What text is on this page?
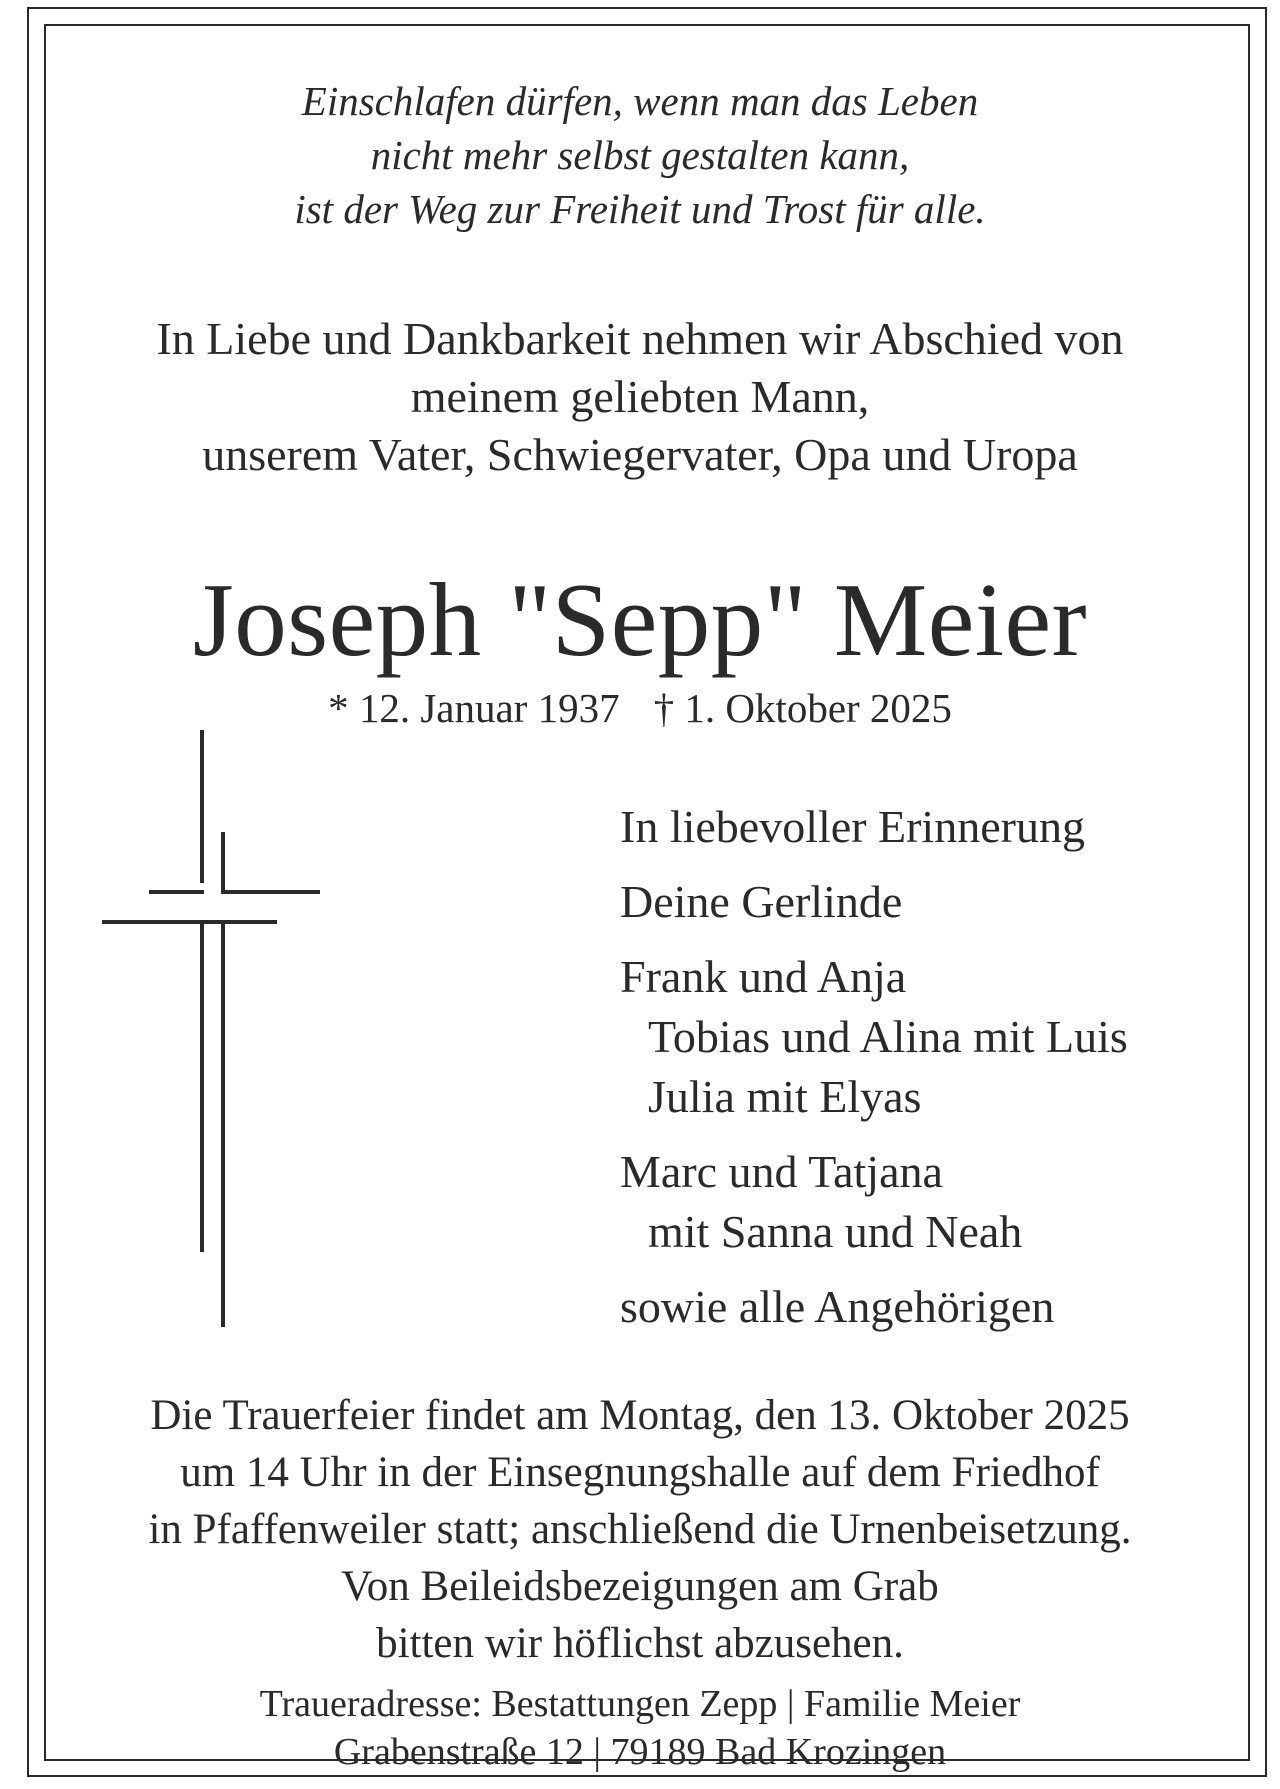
Einschlafen dürfen, wenn man das Leben
nicht mehr selbst gestalten kann,
ist der Weg zur Freiheit und Trost für alle.
In Liebe und Dankbarkeit nehmen wir Abschied von
meinem geliebten Mann,
unserem Vater, Schwiegervater, Opa und Uropa
Joseph "Sepp" Meier
* 12. Januar 1937 † 1. Oktober 2025
In liebevoller Erinnerung
Deine Gerlinde
Frank und Anja
Tobias und Alina mit Luis
Julia mit Elyas
Marc und Tatjana
mit Sanna und Neah
sowie alle Angehörigen
Die Trauerfeier findet am Montag, den 13. Oktober 2025
um 14 Uhr in der Einsegnungshalle auf dem Friedhof
in Pfaffenweiler statt; anschließend die Urnenbeisetzung.
Von Beileidsbezeigungen am Grab
bitten wir höflichst abzusehen.
Traueradresse: Bestattungen Zepp | Familie Meier
Grabenstraße 12 | 79189 Bad Krozingen
